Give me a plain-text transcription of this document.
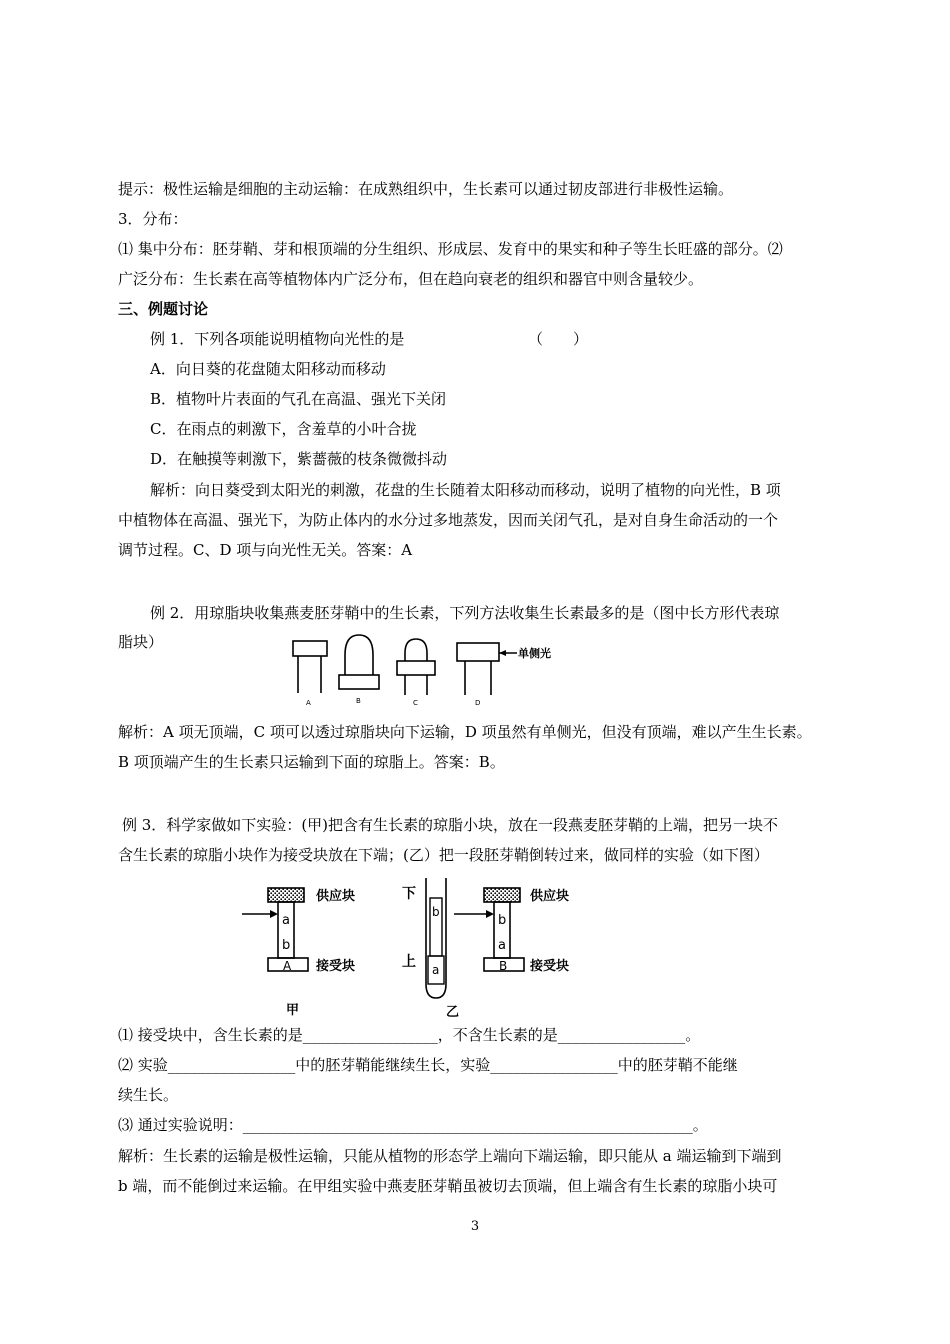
提示：极性运输是细胞的主动运输：在成熟组织中，生长素可以通过韧皮部进行非极性运输。
3．分布：
⑴ 集中分布：胚芽鞘、芽和根顶端的分生组织、形成层、发育中的果实和种子等生长旺盛的部分。⑵
广泛分布：生长素在高等植物体内广泛分布，但在趋向衰老的组织和器官中则含量较少。
三、例题讨论
例 1．下列各项能说明植物向光性的是	（　　）
A．向日葵的花盘随太阳移动而移动
B．植物叶片表面的气孔在高温、强光下关闭
C．在雨点的刺激下，含羞草的小叶合拢
D．在触摸等刺激下，紫薔薇的枝条微微抖动
解析：向日葵受到太阳光的刺激，花盘的生长随着太阳移动而移动，说明了植物的向光性，B 项
中植物体在高温、强光下，为防止体内的水分过多地蒸发，因而关闭气孔，是对自身生命活动的一个
调节过程。C、D 项与向光性无关。答案：A
例 2．用琼脂块收集燕麦胚芽鞘中的生长素，下列方法收集生长素最多的是（图中长方形代表琼
脂块）
单侧光
A	B	C	D
解析：A 项无顶端，C 项可以透过琼脂块向下运输，D 项虽然有单侧光，但没有顶端，难以产生生长素。
B 项顶端产生的生长素只运输到下面的琼脂上。答案：B。
例 3．科学家做如下实验：(甲)把含有生长素的琼脂小块，放在一段燕麦胚芽鞘的上端，把另一块不
含生长素的琼脂小块作为接受块放在下端；(乙）把一段胚芽鞘倒转过来，做同样的实验（如下图）
a
b
A
供应块
接受块
甲
下
上
b
a
b
a
B
供应块
接受块
乙
⑴ 接受块中，含生长素的是__________________，不含生长素的是_________________。
⑵ 实验_________________中的胚芽鞘能继续生长，实验_________________中的胚芽鞘不能继
续生长。
⑶ 通过实验说明：____________________________________________________________。
解析：生长素的运输是极性运输，只能从植物的形态学上端向下端运输，即只能从 a 端运输到下端到
b 端，而不能倒过来运输。在甲组实验中燕麦胚芽鞘虽被切去顶端，但上端含有生长素的琼脂小块可
3
